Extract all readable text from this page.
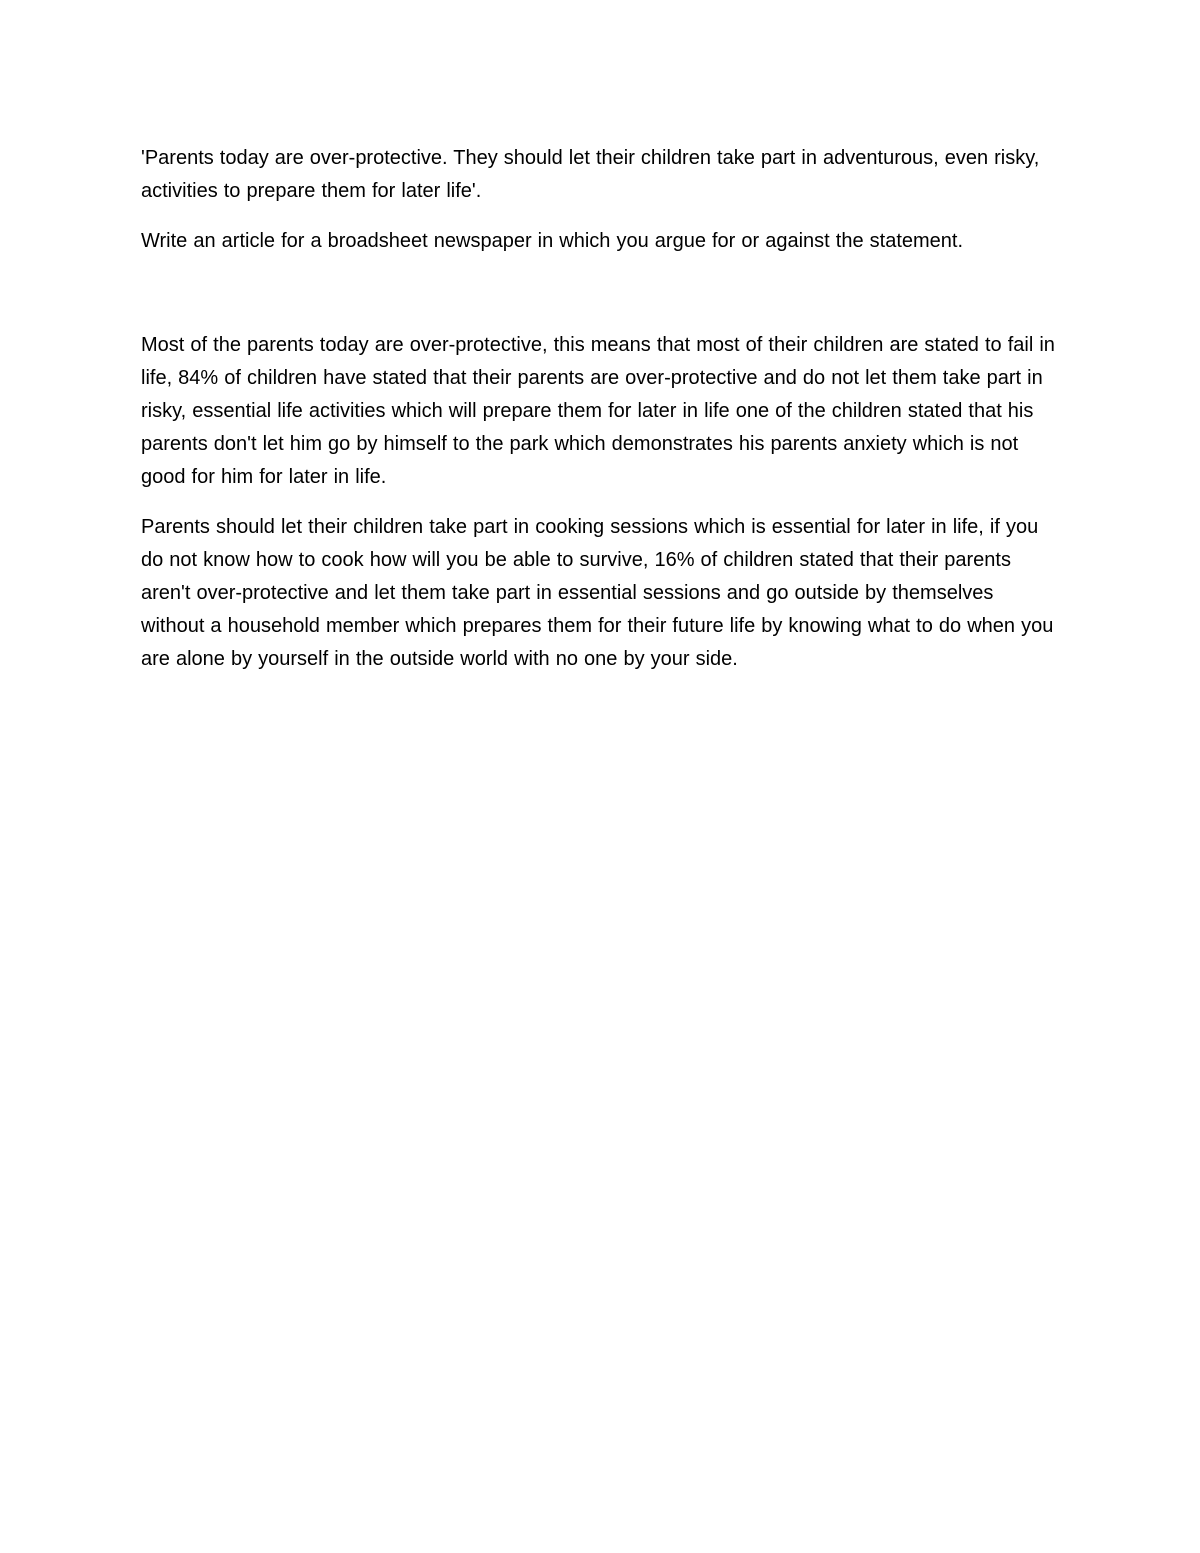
'Parents today are over-protective. They should let their children take part in adventurous, even risky, activities to prepare them for later life'.

Write an article for a broadsheet newspaper in which you argue for or against the statement.

Most of the parents today are over-protective, this means that most of their children are stated to fail in life, 84% of children have stated that their parents are over-protective and do not let them take part in risky, essential life activities which will prepare them for later in life one of the children stated that his parents don't let him go by himself to the park which demonstrates his parents anxiety which is not good for him for later in life.

Parents should let their children take part in cooking sessions which is essential for later in life, if you do not know how to cook how will you be able to survive, 16% of children stated that their parents aren't over-protective and let them take part in essential sessions and go outside by themselves without a household member which prepares them for their future life by knowing what to do when you are alone by yourself in the outside world with no one by your side.
